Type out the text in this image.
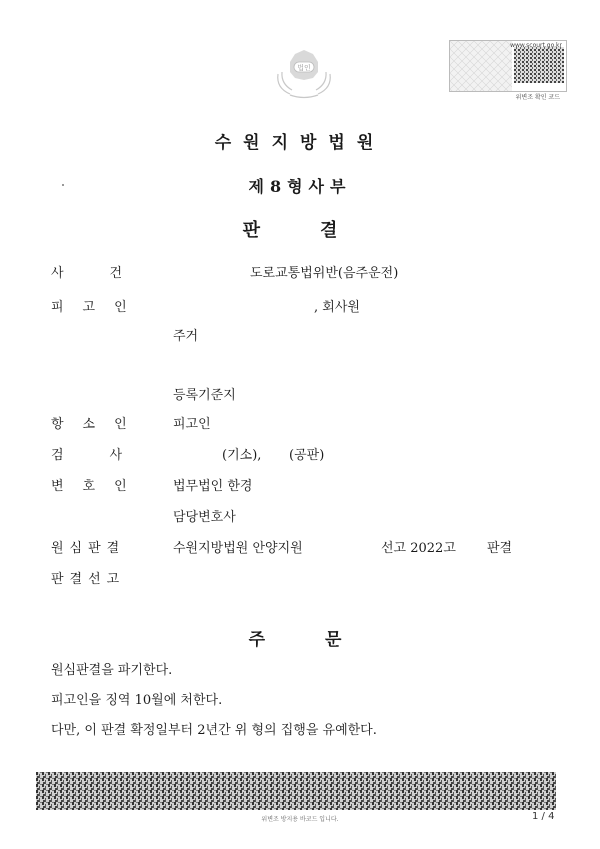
법인
www.scourt.go.kr
위변조 확인 코드
수원지방법원
제8형사부
판결
사건	도로교통법위반(음주운전)
피고인	, 회사원
주거
등록기준지
항소인 피고인
검사	(기소), (공판)
변호인 법무법인 한경
담당변호사
원심판결	수원지방법원 안양지원	선고 2022고 판결
판결선고
주문
원심판결을 파기한다.
피고인을 징역 10월에 처한다.
다만, 이 판결 확정일부터 2년간 위 형의 집행을 유예한다.
위변조 방지용 바코드 입니다.	1 / 4
